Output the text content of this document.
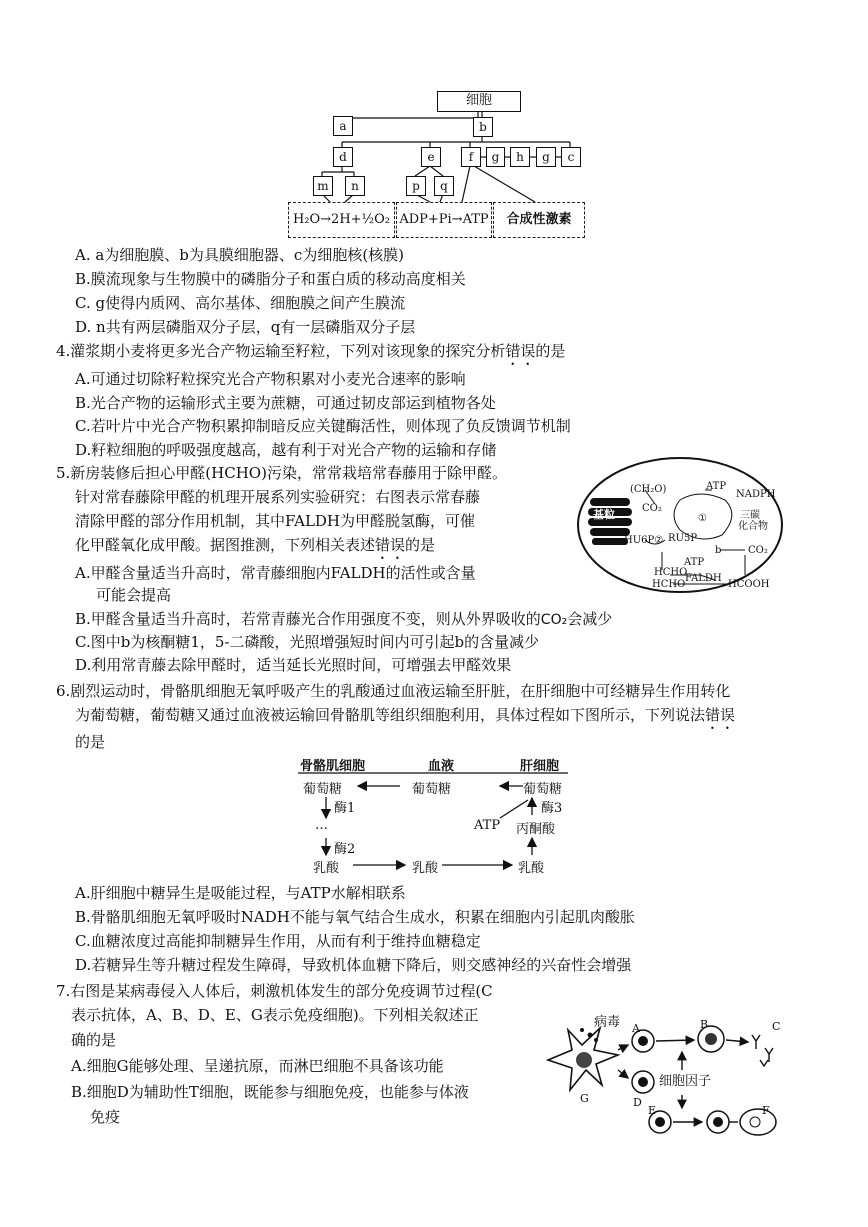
细胞
a	b
d	e	f	g	h	g	c
m	n	p	q
H₂O→2H+½O₂ ADP+Pi→ATP	合成性激素
A. a为细胞膜、b为具膜细胞器、c为细胞核(核膜)
B.膜流现象与生物膜中的磷脂分子和蛋白质的移动高度相关
C. g使得内质网、高尔基体、细胞膜之间产生膜流
D. n共有两层磷脂双分子层，q有一层磷脂双分子层
4.灌浆期小麦将更多光合产物运输至籽粒，下列对该现象的探究分析错误的是
A.可通过切除籽粒探究光合产物积累对小麦光合速率的影响
B.光合产物的运输形式主要为蔗糖，可通过韧皮部运到植物各处
C.若叶片中光合产物积累抑制暗反应关键酶活性，则体现了负反馈调节机制
D.籽粒细胞的呼吸强度越高，越有利于对光合产物的运输和存储
5.新房装修后担心甲醛(HCHO)污染，常常栽培常春藤用于除甲醛。
针对常春藤除甲醛的机理开展系列实验研究：右图表示常春藤
清除甲醛的部分作用机制，其中FALDH为甲醛脱氢酶，可催
化甲醛氧化成甲酸。据图推测，下列相关表述错误的是
A.甲醛含量适当升高时，常青藤细胞内FALDH的活性或含量
可能会提高
B.甲醛含量适当升高时，若常青藤光合作用强度不变，则从外界吸收的CO₂会减少
C.图中b为核酮糖1，5-二磷酸，光照增强短时间内可引起b的含量减少
D.利用常青藤去除甲醛时，适当延长光照时间，可增强去甲醛效果
基粒
(CH₂O)	ATP
NADPH
CO₂
①	三碳
化合物
HU6P② RU5P
b
ATP
CO₂
HCHO
HCHO
FALDH
HCOOH
6.剧烈运动时，骨骼肌细胞无氧呼吸产生的乳酸通过血液运输至肝脏，在肝细胞中可经糖异生作用转化
为葡萄糖，葡萄糖又通过血液被运输回骨骼肌等组织细胞利用，具体过程如下图所示，下列说法错误
的是
骨骼肌细胞	血液	肝细胞
葡萄糖	葡萄糖	葡萄糖
酶1
…
酶2
酶3
ATP 丙酮酸
乳酸	乳酸	乳酸
A.肝细胞中糖异生是吸能过程，与ATP水解相联系
B.骨骼肌细胞无氧呼吸时NADH不能与氧气结合生成水，积累在细胞内引起肌肉酸胀
C.血糖浓度过高能抑制糖异生作用，从而有利于维持血糖稳定
D.若糖异生等升糖过程发生障碍，导致机体血糖下降后，则交感神经的兴奋性会增强
7.右图是某病毒侵入人体后，刺激机体发生的部分免疫调节过程(C
表示抗体，A、B、D、E、G表示免疫细胞)。下列相关叙述正
确的是
A.细胞G能够处理、呈递抗原，而淋巴细胞不具备该功能
B.细胞D为辅助性T细胞，既能参与细胞免疫，也能参与体液
免疫
病毒 A	B	C
D
E	F
G
细胞因子
